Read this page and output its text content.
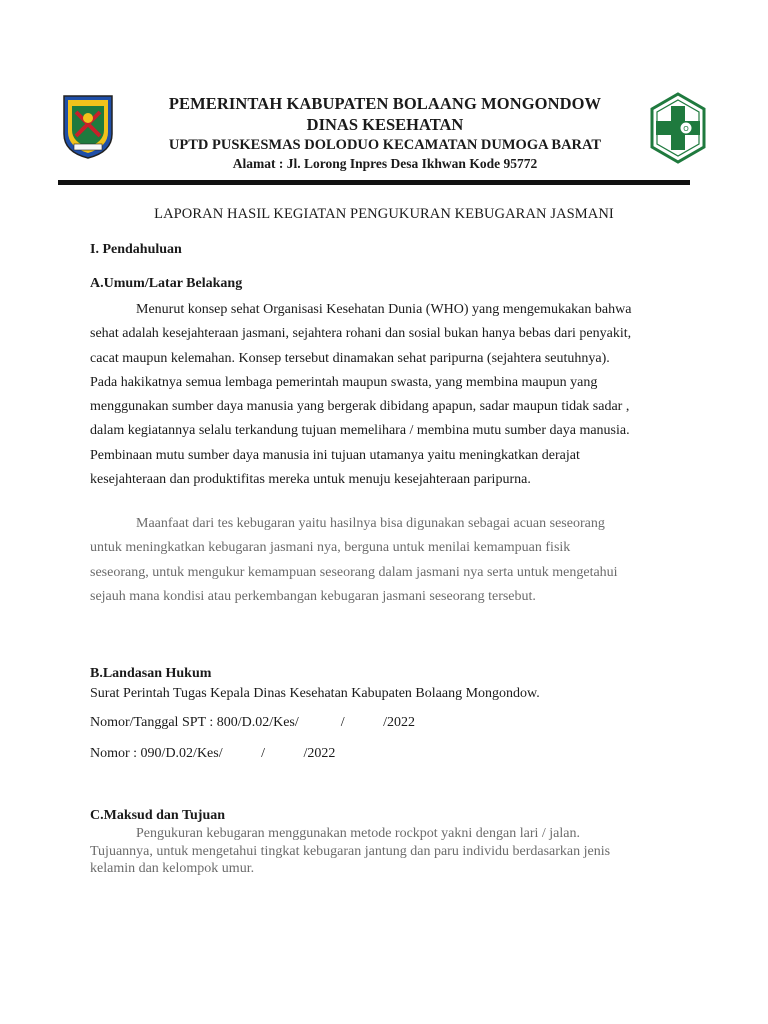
PEMERINTAH KABUPATEN BOLAANG MONGONDOW
DINAS KESEHATAN
UPTD PUSKESMAS DOLODUO KECAMATAN DUMOGA BARAT
Alamat : Jl. Lorong Inpres Desa Ikhwan Kode 95772
O
LAPORAN HASIL KEGIATAN PENGUKURAN KEBUGARAN JASMANI
I. Pendahuluan
A.Umum/Latar Belakang
Menurut konsep sehat Organisasi Kesehatan Dunia (WHO) yang mengemukakan bahwa
sehat adalah kesejahteraan jasmani, sejahtera rohani dan sosial bukan hanya bebas dari penyakit,
cacat maupun kelemahan. Konsep tersebut dinamakan sehat paripurna (sejahtera seutuhnya).
Pada hakikatnya semua lembaga pemerintah maupun swasta, yang membina maupun yang
menggunakan sumber daya manusia yang bergerak dibidang apapun, sadar maupun tidak sadar ,
dalam kegiatannya selalu terkandung tujuan memelihara / membina mutu sumber daya manusia.
Pembinaan mutu sumber daya manusia ini tujuan utamanya yaitu meningkatkan derajat
kesejahteraan dan produktifitas mereka untuk menuju kesejahteraan paripurna.
Maanfaat dari tes kebugaran yaitu hasilnya bisa digunakan sebagai acuan seseorang
untuk meningkatkan kebugaran jasmani nya, berguna untuk menilai kemampuan fisik
seseorang, untuk mengukur kemampuan seseorang dalam jasmani nya serta untuk mengetahui
sejauh mana kondisi atau perkembangan kebugaran jasmani seseorang tersebut.
B.Landasan Hukum
Surat Perintah Tugas Kepala Dinas Kesehatan Kabupaten Bolaang Mongondow.
Nomor/Tanggal SPT : 800/D.02/Kes/            /           /2022
Nomor : 090/D.02/Kes/           /           /2022
C.Maksud dan Tujuan
Pengukuran kebugaran menggunakan metode rockpot yakni dengan lari / jalan.
Tujuannya, untuk mengetahui tingkat kebugaran jantung dan paru individu berdasarkan jenis
kelamin dan kelompok umur.
